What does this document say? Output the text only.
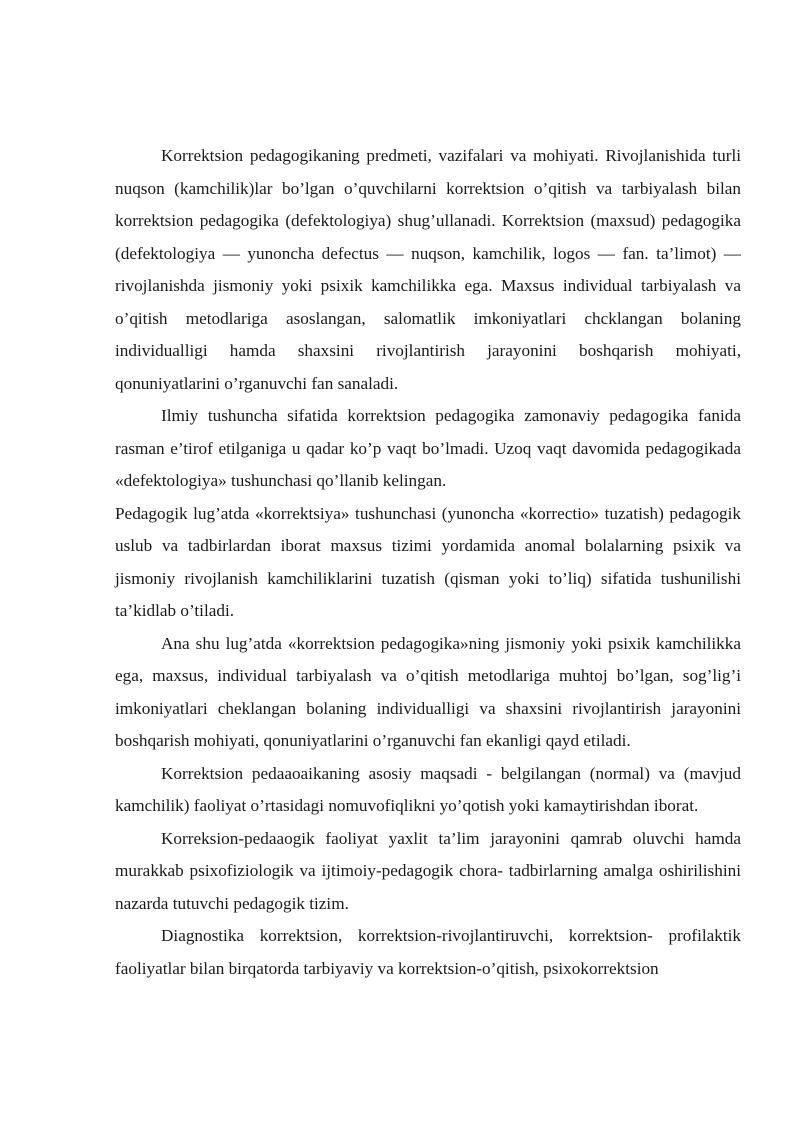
Korrektsion pedagogikaning predmeti, vazifalari va mohiyati. Rivojlanishida turli nuqson (kamchilik)lar bo’lgan o’quvchilarni korrektsion o’qitish va tarbiyalash bilan korrektsion pedagogika (defektologiya) shug’ullanadi. Korrektsion (maxsud) pedagogika (defektologiya — yunoncha defectus — nuqson, kamchilik, logos — fan. ta’limot) — rivojlanishda jismoniy yoki psixik kamchilikka ega. Maxsus individual tarbiyalash va o’qitish metodlariga asoslangan, salomatlik imkoniyatlari chcklangan bolaning individualligi hamda shaxsini rivojlantirish jarayonini boshqarish mohiyati, qonuniyatlarini o’rganuvchi fan sanaladi.

Ilmiy tushuncha sifatida korrektsion pedagogika zamonaviy pedagogika fanida rasman e’tirof etilganiga u qadar ko’p vaqt bo’lmadi. Uzoq vaqt davomida pedagogikada «defektologiya» tushunchasi qo’llanib kelingan.

Pedagogik lug’atda «korrektsiya» tushunchasi (yunoncha «korrectio» tuzatish) pedagogik uslub va tadbirlardan iborat maxsus tizimi yordamida anomal bolalarning psixik va jismoniy rivojlanish kamchiliklarini tuzatish (qisman yoki to’liq) sifatida tushunilishi ta’kidlab o’tiladi.

Ana shu lug’atda «korrektsion pedagogika»ning jismoniy yoki psixik kamchilikka ega, maxsus, individual tarbiyalash va o’qitish metodlariga muhtoj bo’lgan, sog’lig’i imkoniyatlari cheklangan bolaning individualligi va shaxsini rivojlantirish jarayonini boshqarish mohiyati, qonuniyatlarini o’rganuvchi fan ekanligi qayd etiladi.

Korrektsion pedaaoaikaning asosiy maqsadi - belgilangan (normal) va (mavjud kamchilik) faoliyat o’rtasidagi nomuvofiqlikni yo’qotish yoki kamaytirishdan iborat.

Korreksion-pedaaogik faoliyat yaxlit ta’lim jarayonini qamrab oluvchi hamda murakkab psixofiziologik va ijtimoiy-pedagogik chora- tadbirlarning amalga oshirilishini nazarda tutuvchi pedagogik tizim.

Diagnostika korrektsion, korrektsion-rivojlantiruvchi, korrektsion- profilaktik faoliyatlar bilan birqatorda tarbiyaviy va korrektsion-o’qitish, psixokorrektsion
